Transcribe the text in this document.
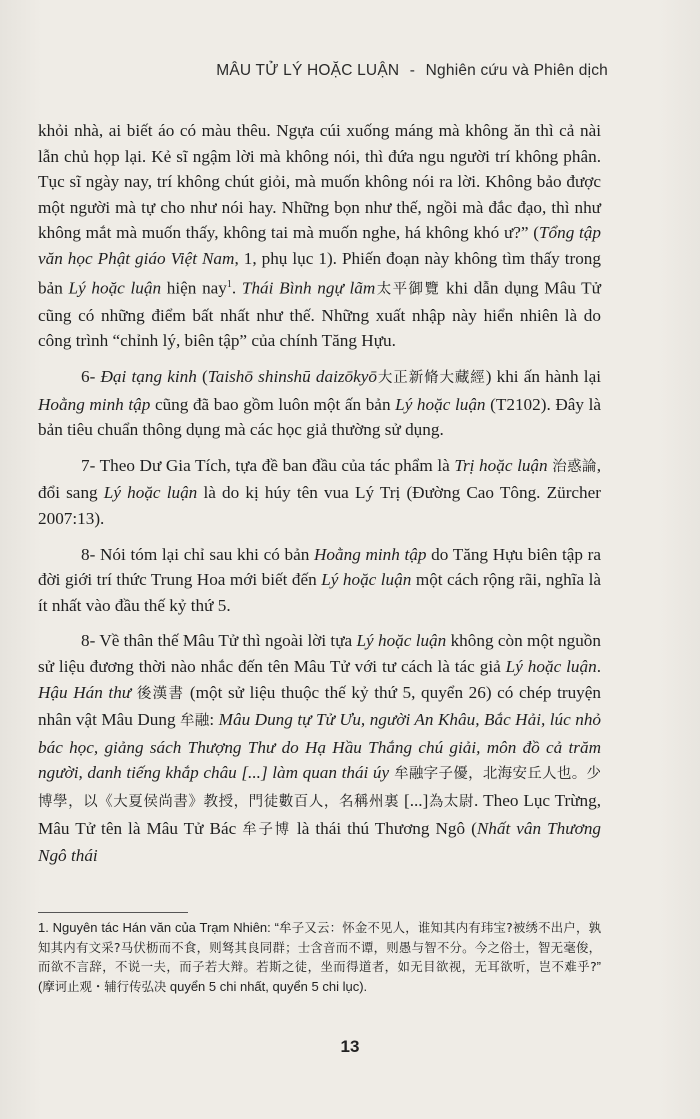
MÂU TỬ LÝ HOẶC LUẬN - Nghiên cứu và Phiên dịch

khỏi nhà, ai biết áo có màu thêu. Ngựa cúi xuống máng mà không ăn thì cả nài lẫn chủ họp lại. Kẻ sĩ ngậm lời mà không nói, thì đứa ngu người trí không phân. Tục sĩ ngày nay, trí không chút giỏi, mà muốn không nói ra lời. Không bảo được một người mà tự cho như nói hay. Những bọn như thế, ngồi mà đắc đạo, thì như không mắt mà muốn thấy, không tai mà muốn nghe, há không khó ư?” (Tổng tập văn học Phật giáo Việt Nam, 1, phụ lục 1). Phiến đoạn này không tìm thấy trong bản Lý hoặc luận hiện nay$^1$. Thái Bình ngự lãm太平御覽 khi dẫn dụng Mâu Tử cũng có những điểm bất nhất như thế. Những xuất nhập này hiển nhiên là do công trình “chỉnh lý, biên tập” của chính Tăng Hựu.

6- Đại tạng kinh (Taishō shinshū daizōkyō大正新脩大藏經) khi ấn hành lại Hoằng minh tập cũng đã bao gồm luôn một ấn bản Lý hoặc luận (T2102). Đây là bản tiêu chuẩn thông dụng mà các học giả thường sử dụng.

7- Theo Dư Gia Tích, tựa đề ban đầu của tác phẩm là Trị hoặc luận 治惑論, đổi sang Lý hoặc luận là do kị húy tên vua Lý Trị (Đường Cao Tông. Zürcher 2007:13).

8- Nói tóm lại chỉ sau khi có bản Hoằng minh tập do Tăng Hựu biên tập ra đời giới trí thức Trung Hoa mới biết đến Lý hoặc luận một cách rộng rãi, nghĩa là ít nhất vào đầu thế kỷ thứ 5.

8- Về thân thế Mâu Tử thì ngoài lời tựa Lý hoặc luận không còn một nguồn sử liệu đương thời nào nhắc đến tên Mâu Tử với tư cách là tác giả Lý hoặc luận. Hậu Hán thư 後漢書 (một sử liệu thuộc thế kỷ thứ 5, quyển 26) có chép truyện nhân vật Mâu Dung 牟融: Mâu Dung tự Tử Ưu, người An Khâu, Bắc Hải, lúc nhỏ bác học, giảng sách Thượng Thư do Hạ Hầu Thắng chú giải, môn đồ cả trăm người, danh tiếng khắp châu [...] làm quan thái úy 牟融字子優，北海安丘人也。少博學，以《大夏侯尚書》教授，門徒數百人，名稱州裏 [...]為太尉. Theo Lục Trừng, Mâu Tử tên là Mâu Tử Bác 牟子博 là thái thú Thương Ngô (Nhất vân Thương Ngô thái

1. Nguyên tác Hán văn của Trạm Nhiên: “牟子又云：怀金不见人，谁知其内有玮宝?被绣不出户，孰知其内有文采?马伏枥而不食，则驽其良同群；士含音而不谭，则愚与智不分。今之俗士，智无毫俊，而欲不言辞，不说一夫，而子若大辩。若斯之徒，坐而得道者，如无目欲视，无耳欲听，岂不难乎?” (摩诃止观・辅行传弘决 quyển 5 chi nhất, quyển 5 chi lục).
13
